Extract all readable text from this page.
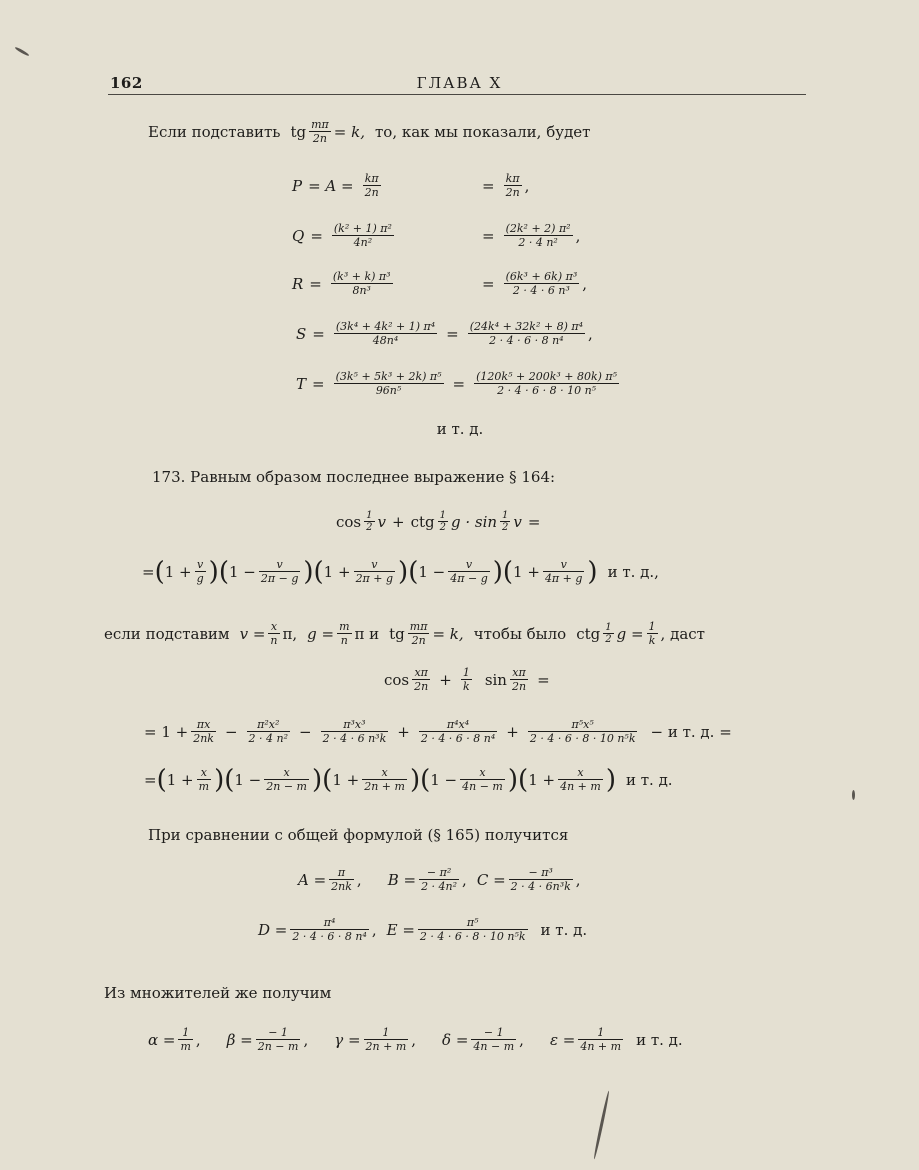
162	ГЛАВА X
Если подставить tg $\frac{m\pi}{2n} = k$, то, как мы показали, будет
$P = A = \frac{k\pi}{2n}$	= $\frac{k\pi}{2n}$ ,
$Q = \frac{\text{(k² + 1) π²}}{\text{4n²}}$	= $\frac{\text{(2k² + 2) π²}}{\text{2 · 4 n²}}$ ,
$R = \frac{\text{(k³ + k) π³}}{\text{8n³}}$	= $\frac{\text{(6k³ + 6k) π³}}{\text{2 · 4 · 6 n³}}$ ,
$S = \frac{\text{(3k⁴ + 4k² + 1) π⁴}}{\text{48n⁴}} = \frac{\text{(24k⁴ + 32k² + 8) π⁴}}{\text{2 · 4 · 6 · 8 n⁴}}$ ,
$T = \frac{\text{(3k⁵ + 5k³ + 2k) π⁵}}{\text{96n⁵}} = \frac{\text{(120k⁵ + 200k³ + 80k) π⁵}}{\text{2 · 4 · 6 · 8 · 10 n⁵}}$
и т. д.
173. Равным образом последнее выражение § 164:
$\cos \frac{1}{2}$ v + ctg $\frac{1}{2}$ $g \cdot \sin \frac{1}{2}$ v =
= ( $1 + \frac{v}{g}$ ) ( $1 - \frac{v}{2\pi - g}$ ) ( $1 + \frac{v}{2\pi + g}$ ) ( $1 - \frac{v}{4\pi - g}$ ) ( $1 + \frac{v}{4\pi + g}$ ) и т. д.,
если подставим $v = \frac{x}{n} \pi$, $g = \frac{m}{n}$ π и tg $\frac{m\pi}{2n} = k$, чтобы было ctg $\frac{1}{2}$ $g = \frac{1}{k}$ , даст
$\cos \frac{x\pi}{2n} + \frac{1}{k}$ $\sin \frac{x\pi}{2n}$ =
= $1 + \frac{\pi x}{2nk} - \frac{\text{π²x²}}{\text{2 · 4 n²}} - \frac{\text{π³x³}}{\text{2 · 4 · 6 n³k}} + \frac{\text{π⁴x⁴}}{\text{2 · 4 · 6 · 8 n⁴}} + \frac{\text{π⁵x⁵}}{\text{2 · 4 · 6 · 8 · 10 n⁵k}} - и$ т. д. =
= ( $1 + \frac{x}{m}$ ) ( $1 - \frac{x}{2n - m}$ ) ( $1 + \frac{x}{2n + m}$ ) ( $1 - \frac{x}{4n - m}$ ) ( $1 + \frac{x}{4n + m}$ ) и т. д.
При сравнении с общей формулой (§ 165) получится
$A = \frac{\pi}{2nk}$ , $B = \frac{\text{− π²}}{\text{2 · 4n²}}$ , $C = \frac{\text{− π³}}{\text{2 · 4 · 6n³k}}$ ,
$D = \frac{\text{π⁴}}{\text{2 · 4 · 6 · 8 n⁴}}$ , $E = \frac{\text{π⁵}}{\text{2 · 4 · 6 · 8 · 10 n⁵k}}$ и т. д.
Из множителей же получим
$\alpha = \frac{1}{m}$ , $\beta = \frac{- 1}{2n - m}$ , $\gamma = \frac{1}{2n + m}$ , $\delta = \frac{- 1}{4n - m}$ , $\varepsilon = \frac{1}{4n + m}$ и т. д.
